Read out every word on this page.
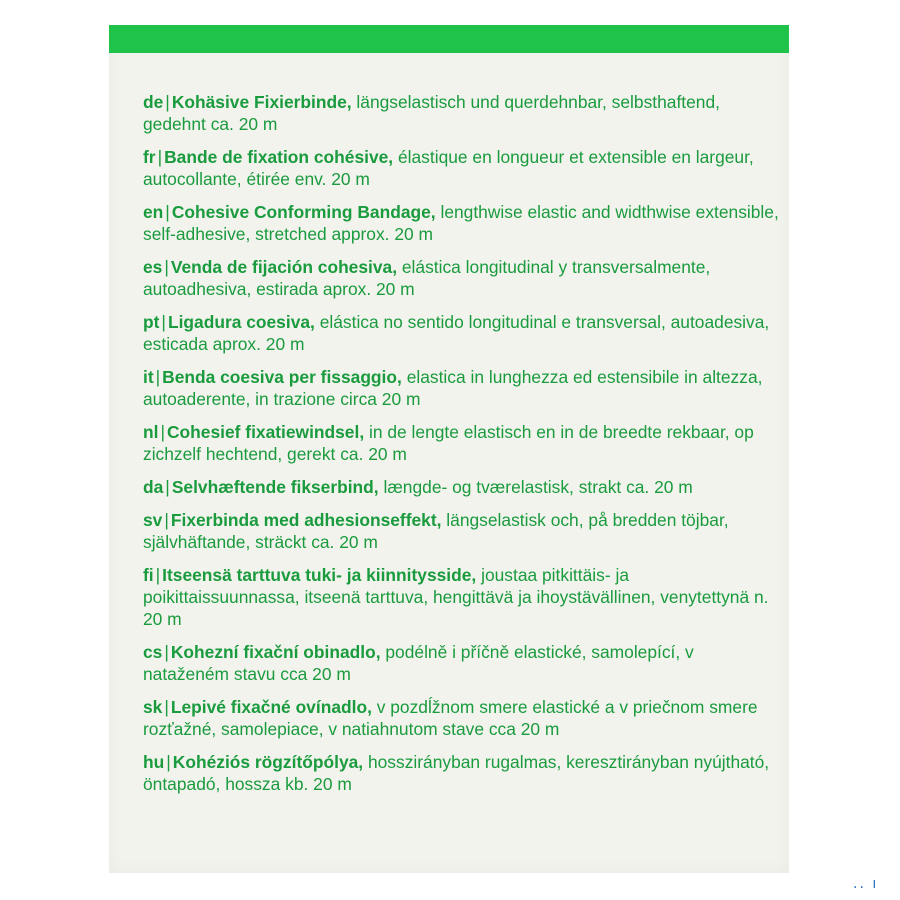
de | Kohäsive Fixierbinde, längselastisch und querdehnbar, selbsthaftend, gedehnt ca. 20 m
fr | Bande de fixation cohésive, élastique en longueur et extensible en largeur, autocollante, étirée env. 20 m
en | Cohesive Conforming Bandage, lengthwise elastic and widthwise extensible, self-adhesive, stretched approx. 20 m
es | Venda de fijación cohesiva, elástica longitudinal y transversalmente, autoadhesiva, estirada aprox. 20 m
pt | Ligadura coesiva, elástica no sentido longitudinal e transversal, autoadesiva, esticada aprox. 20 m
it | Benda coesiva per fissaggio, elastica in lunghezza ed estensibile in altezza, autoaderente, in trazione circa 20 m
nl | Cohesief fixatiewindsel, in de lengte elastisch en in de breedte rekbaar, op zichzelf hechtend, gerekt ca. 20 m
da | Selvhæftende fikserbind, længde- og tværelastisk, strakt ca. 20 m
sv | Fixerbinda med adhesionseffekt, längselastisk och, på bredden töjbar, självhäftande, sträckt ca. 20 m
fi | Itseensä tarttuva tuki- ja kiinnitysside, joustaa pitkittäis- ja poikittaissuunnassa, itseenä tarttuva, hengittävä ja ihoystävällinen, venytettynä n. 20 m
cs | Kohezní fixační obinadlo, podélně i příčně elastické, samolepící, v nataženém stavu cca 20 m
sk | Lepivé fixačné ovínadlo, v pozdĺžnom smere elastické a v priečnom smere rozťažné, samolepiace, v natiahnutom stave cca 20 m
hu | Kohéziós rögzítőpólya, hosszirányban rugalmas, keresztirányban nyújtható, öntapadó, hossza kb. 20 m
.. ı
